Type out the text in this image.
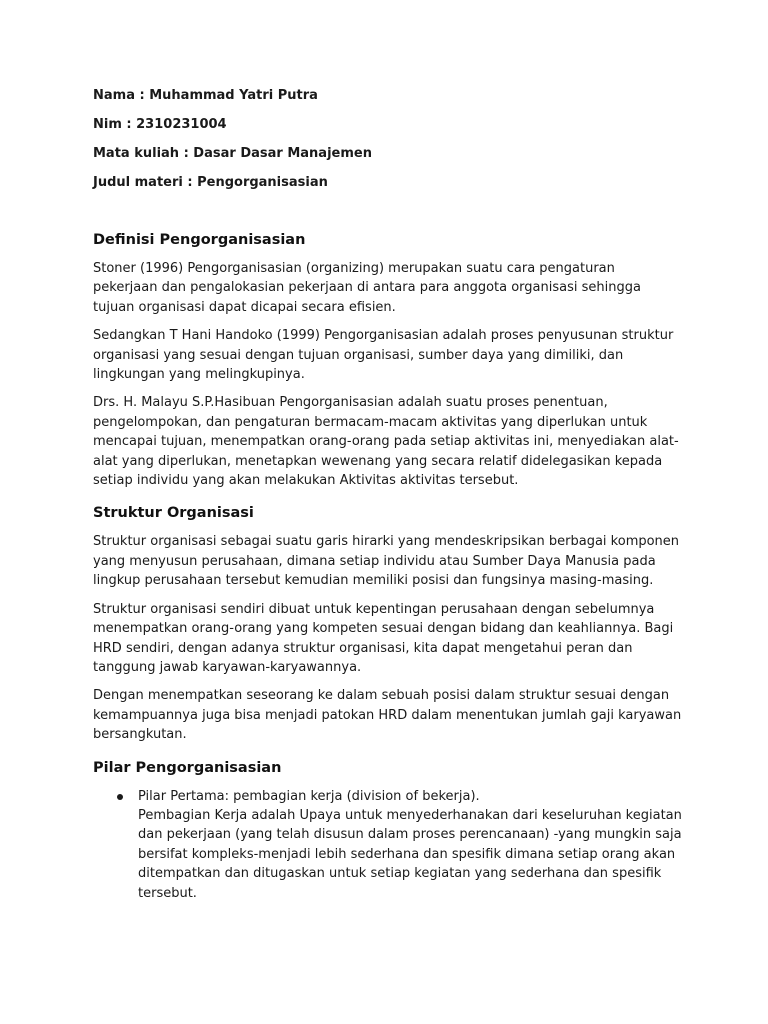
Nama : Muhammad Yatri Putra
Nim : 2310231004
Mata kuliah : Dasar Dasar Manajemen
Judul materi : Pengorganisasian
Definisi Pengorganisasian

Stoner (1996) Pengorganisasian (organizing) merupakan suatu cara pengaturan pekerjaan dan pengalokasian pekerjaan di antara para anggota organisasi sehingga tujuan organisasi dapat dicapai secara efisien.

Sedangkan T Hani Handoko (1999) Pengorganisasian adalah proses penyusunan struktur organisasi yang sesuai dengan tujuan organisasi, sumber daya yang dimiliki, dan lingkungan yang melingkupinya.

Drs. H. Malayu S.P.Hasibuan Pengorganisasian adalah suatu proses penentuan, pengelompokan, dan pengaturan bermacam-macam aktivitas yang diperlukan untuk mencapai tujuan, menempatkan orang-orang pada setiap aktivitas ini, menyediakan alat-alat yang diperlukan, menetapkan wewenang yang secara relatif didelegasikan kepada setiap individu yang akan melakukan Aktivitas aktivitas tersebut.

Struktur Organisasi

Struktur organisasi sebagai suatu garis hirarki yang mendeskripsikan berbagai komponen yang menyusun perusahaan, dimana setiap individu atau Sumber Daya Manusia pada lingkup perusahaan tersebut kemudian memiliki posisi dan fungsinya masing-masing.

Struktur organisasi sendiri dibuat untuk kepentingan perusahaan dengan sebelumnya menempatkan orang-orang yang kompeten sesuai dengan bidang dan keahliannya. Bagi HRD sendiri, dengan adanya struktur organisasi, kita dapat mengetahui peran dan tanggung jawab karyawan-karyawannya.

Dengan menempatkan seseorang ke dalam sebuah posisi dalam struktur sesuai dengan kemampuannya juga bisa menjadi patokan HRD dalam menentukan jumlah gaji karyawan bersangkutan.

Pilar Pengorganisasian
Pilar Pertama: pembagian kerja (division of bekerja).
Pembagian Kerja adalah Upaya untuk menyederhanakan dari keseluruhan kegiatan dan pekerjaan (yang telah disusun dalam proses perencanaan) -yang mungkin saja bersifat kompleks-menjadi lebih sederhana dan spesifik dimana setiap orang akan ditempatkan dan ditugaskan untuk setiap kegiatan yang sederhana dan spesifik tersebut.
